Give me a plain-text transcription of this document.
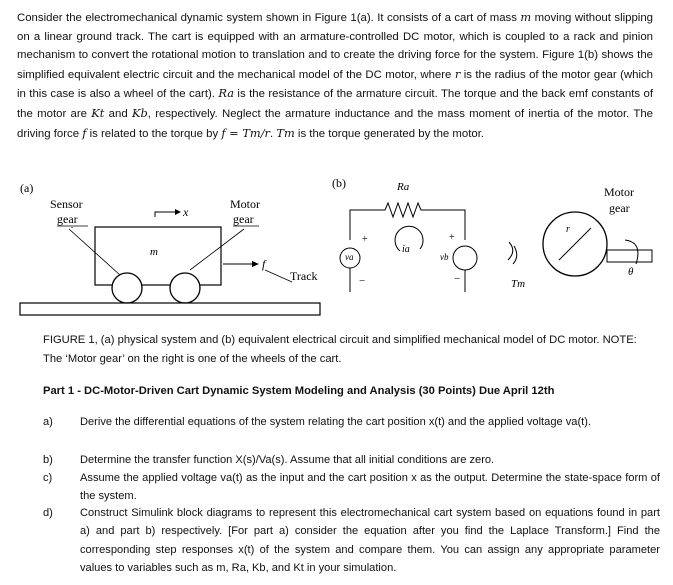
Consider the electromechanical dynamic system shown in Figure 1(a). It consists of a cart of mass m moving without slipping on a linear ground track. The cart is equipped with an armature-controlled DC motor, which is coupled to a rack and pinion mechanism to convert the rotational motion to translation and to create the driving force for the system. Figure 1(b) shows the simplified equivalent electric circuit and the mechanical model of the DC motor, where r is the radius of the motor gear (which in this case is also a wheel of the cart). Ra is the resistance of the armature circuit. The torque and the back emf constants of the motor are Kt and Kb, respectively. Neglect the armature inductance and the mass moment of inertia of the motor. The driving force f is related to the torque by f = Tm/r. Tm is the torque generated by the motor.
(a)
Sensor
gear	x
Motor
gear
m
f
Track
(b)	Ra
va
+
−
ia
vb
+
−	Tm
r
θ
Motor
gear
FIGURE 1, (a) physical system and (b) equivalent electrical circuit and simplified mechanical model of DC motor. NOTE: The ‘Motor gear’ on the right is one of the wheels of the cart.
Part 1 - DC-Motor-Driven Cart Dynamic System Modeling and Analysis (30 Points) Due April 12th
a) Derive the differential equations of the system relating the cart position x(t) and the applied voltage va(t).
b) Determine the transfer function X(s)/Va(s). Assume that all initial conditions are zero.
c)	Assume the applied voltage va(t) as the input and the cart position x as the output. Determine the state-space form of the system.
d) Construct Simulink block diagrams to represent this electromechanical cart system based on equations found in part a) and part b) respectively. [For part a) consider the equation after you find the Laplace Transform.] Find the corresponding step responses x(t) of the system and compare them. You can assign any appropriate parameter values to variables such as m, Ra, Kb, and Kt in your simulation.
